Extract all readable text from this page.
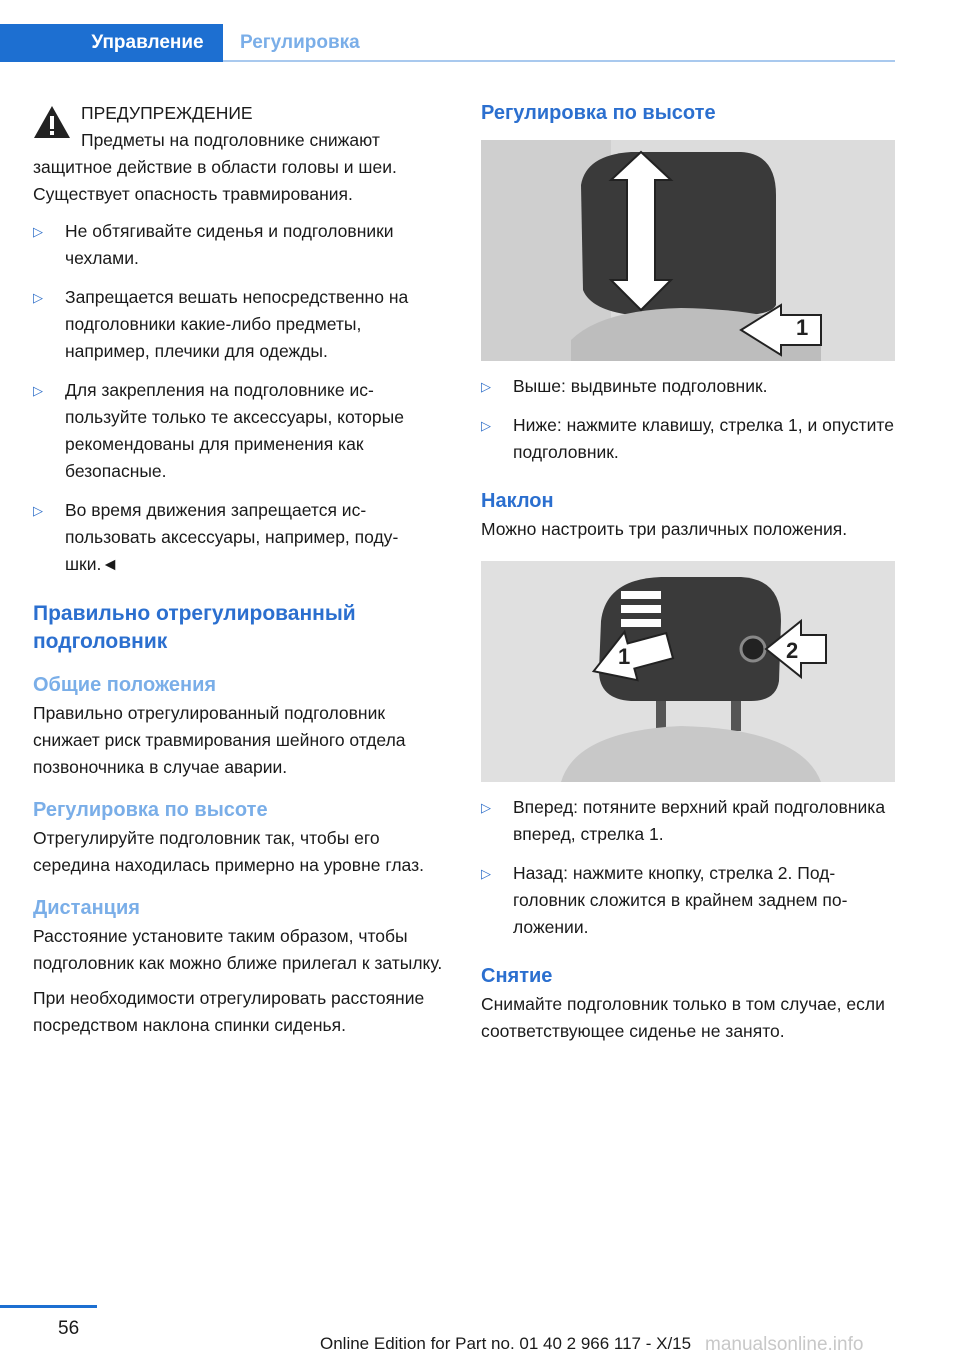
Управление	Регулировка
ПРЕДУПРЕЖДЕНИЕ
Предметы на подголовнике снижают защитное действие в области головы и шеи. Существует опасность травмирования.
▷ Не обтягивайте сиденья и подголовники чехлами.
▷ Запрещается вешать непосредственно на подголовники какие-либо предметы, например, плечики для одежды.
▷ Для закрепления на подголовнике используйте только те аксессуары, которые рекомендованы для применения как безопасные.
▷ Во время движения запрещается использовать аксессуары, например, подушки.◄
Правильно отрегулированный подголовник
Общие положения

Правильно отрегулированный подголовник снижает риск травмирования шейного отдела позвоночника в случае аварии.

Регулировка по высоте

Отрегулируйте подголовник так, чтобы его середина находилась примерно на уровне глаз.

Дистанция

Расстояние установите таким образом, чтобы подголовник как можно ближе прилегал к затылку.

При необходимости отрегулировать расстояние посредством наклона спинки сиденья.

Регулировка по высоте
1
▷ Выше: выдвиньте подголовник.
▷ Ниже: нажмите клавишу, стрелка 1, и опустите подголовник.
Наклон

Можно настроить три различных положения.

1	2
▷ Вперед: потяните верхний край подголовника вперед, стрелка 1.
▷ Назад: нажмите кнопку, стрелка 2. Подголовник сложится в крайнем заднем положении.
Снятие

Снимайте подголовник только в том случае, если соответствующее сиденье не занято.

56
Online Edition for Part no. 01 40 2 966 117 - X/15 manualsonline.info
